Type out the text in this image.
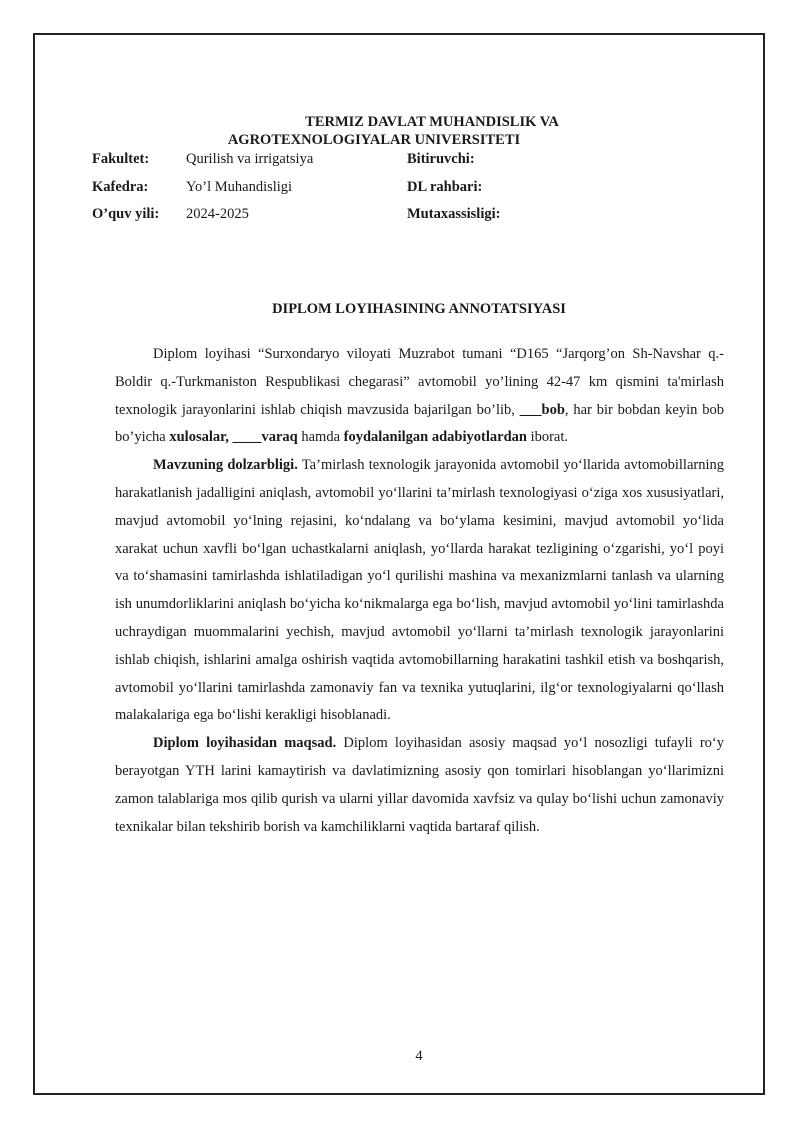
TERMIZ DAVLAT MUHANDISLIK VA
AGROTEXNOLOGIYALAR UNIVERSITETI
Fakultet:	Qurilish va irrigatsiya	Bitiruvchi:
Kafedra:	Yo’l Muhandisligi	DL rahbari:
O’quv yili: 2024-2025	Mutaxassisligi:
DIPLOM LOYIHASINING ANNOTATSIYASI

Diplom loyihasi “Surxondaryo viloyati Muzrabot tumani “D165 “Jarqorg’on Sh-Navshar q.-Boldir q.-Turkmaniston Respublikasi chegarasi” avtomobil yo’lining 42-47 km qismini ta'mirlash texnologik jarayonlarini ishlab chiqish mavzusida bajarilgan bo’lib, ___bob, har bir bobdan keyin bob bo’yicha xulosalar, ____varaq hamda foydalanilgan adabiyotlardan iborat.

Mavzuning dolzarbligi. Ta’mirlash texnologik jarayonida avtomobil yo‘llarida avtomobillarning harakatlanish jadalligini aniqlash, avtomobil yo‘llarini ta’mirlash texnologiyasi o‘ziga xos xususiyatlari, mavjud avtomobil yo‘lning rejasini, ko‘ndalang va bo‘ylama kesimini, mavjud avtomobil yo‘lida xarakat uchun xavfli bo‘lgan uchastkalarni aniqlash, yo‘llarda harakat tezligining o‘zgarishi, yo‘l poyi va to‘shamasini tamirlashda ishlatiladigan yo‘l qurilishi mashina va mexanizmlarni tanlash va ularning ish unumdorliklarini aniqlash bo‘yicha ko‘nikmalarga ega bo‘lish, mavjud avtomobil yo‘lini tamirlashda uchraydigan muommalarini yechish, mavjud avtomobil yo‘llarni ta’mirlash texnologik jarayonlarini ishlab chiqish, ishlarini amalga oshirish vaqtida avtomobillarning harakatini tashkil etish va boshqarish, avtomobil yo‘llarini tamirlashda zamonaviy fan va texnika yutuqlarini, ilg‘or texnologiyalarni qo‘llash malakalariga ega bo‘lishi kerakligi hisoblanadi.

Diplom loyihasidan maqsad. Diplom loyihasidan asosiy maqsad yo‘l nosozligi tufayli ro‘y berayotgan YTH larini kamaytirish va davlatimizning asosiy qon tomirlari hisoblangan yo‘llarimizni zamon talablariga mos qilib qurish va ularni yillar davomida xavfsiz va qulay bo‘lishi uchun zamonaviy texnikalar bilan tekshirib borish va kamchiliklarni vaqtida bartaraf qilish.

4
